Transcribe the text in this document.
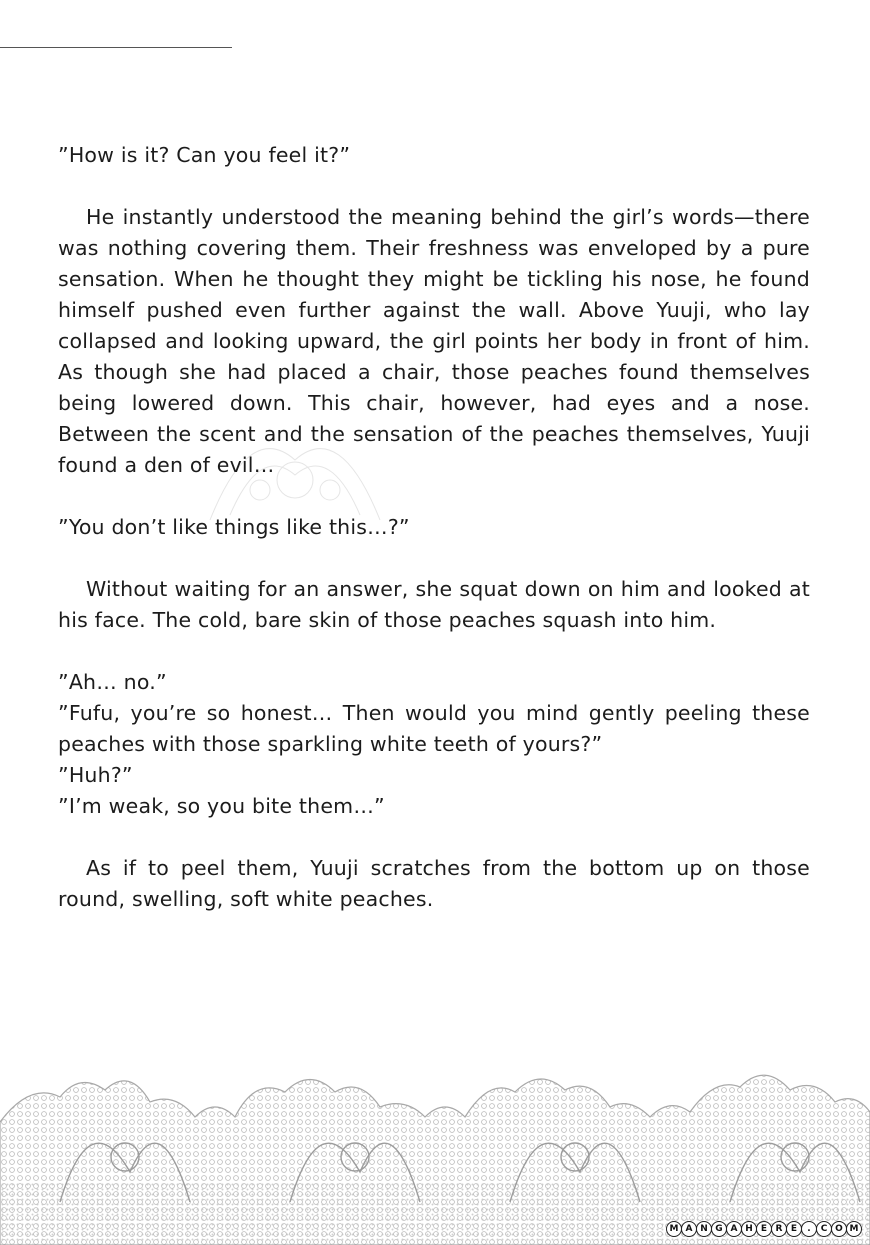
”How is it? Can you feel it?”

He instantly understood the meaning behind the girl’s words—there was nothing covering them. Their freshness was enveloped by a pure sensation. When he thought they might be tickling his nose, he found himself pushed even further against the wall. Above Yuuji, who lay collapsed and looking upward, the girl points her body in front of him. As though she had placed a chair, those peaches found themselves being lowered down. This chair, however, had eyes and a nose. Between the scent and the sensation of the peaches themselves, Yuuji found a den of evil…

”You don’t like things like this…?”

Without waiting for an answer, she squat down on him and looked at his face. The cold, bare skin of those peaches squash into him.

”Ah… no.”

”Fufu, you’re so honest… Then would you mind gently peeling these peaches with those sparkling white teeth of yours?”

”Huh?”

”I’m weak, so you bite them…”

As if to peel them, Yuuji scratches from the bottom up on those round, swelling, soft white peaches.

M A N G A H E R E	.	C O M
